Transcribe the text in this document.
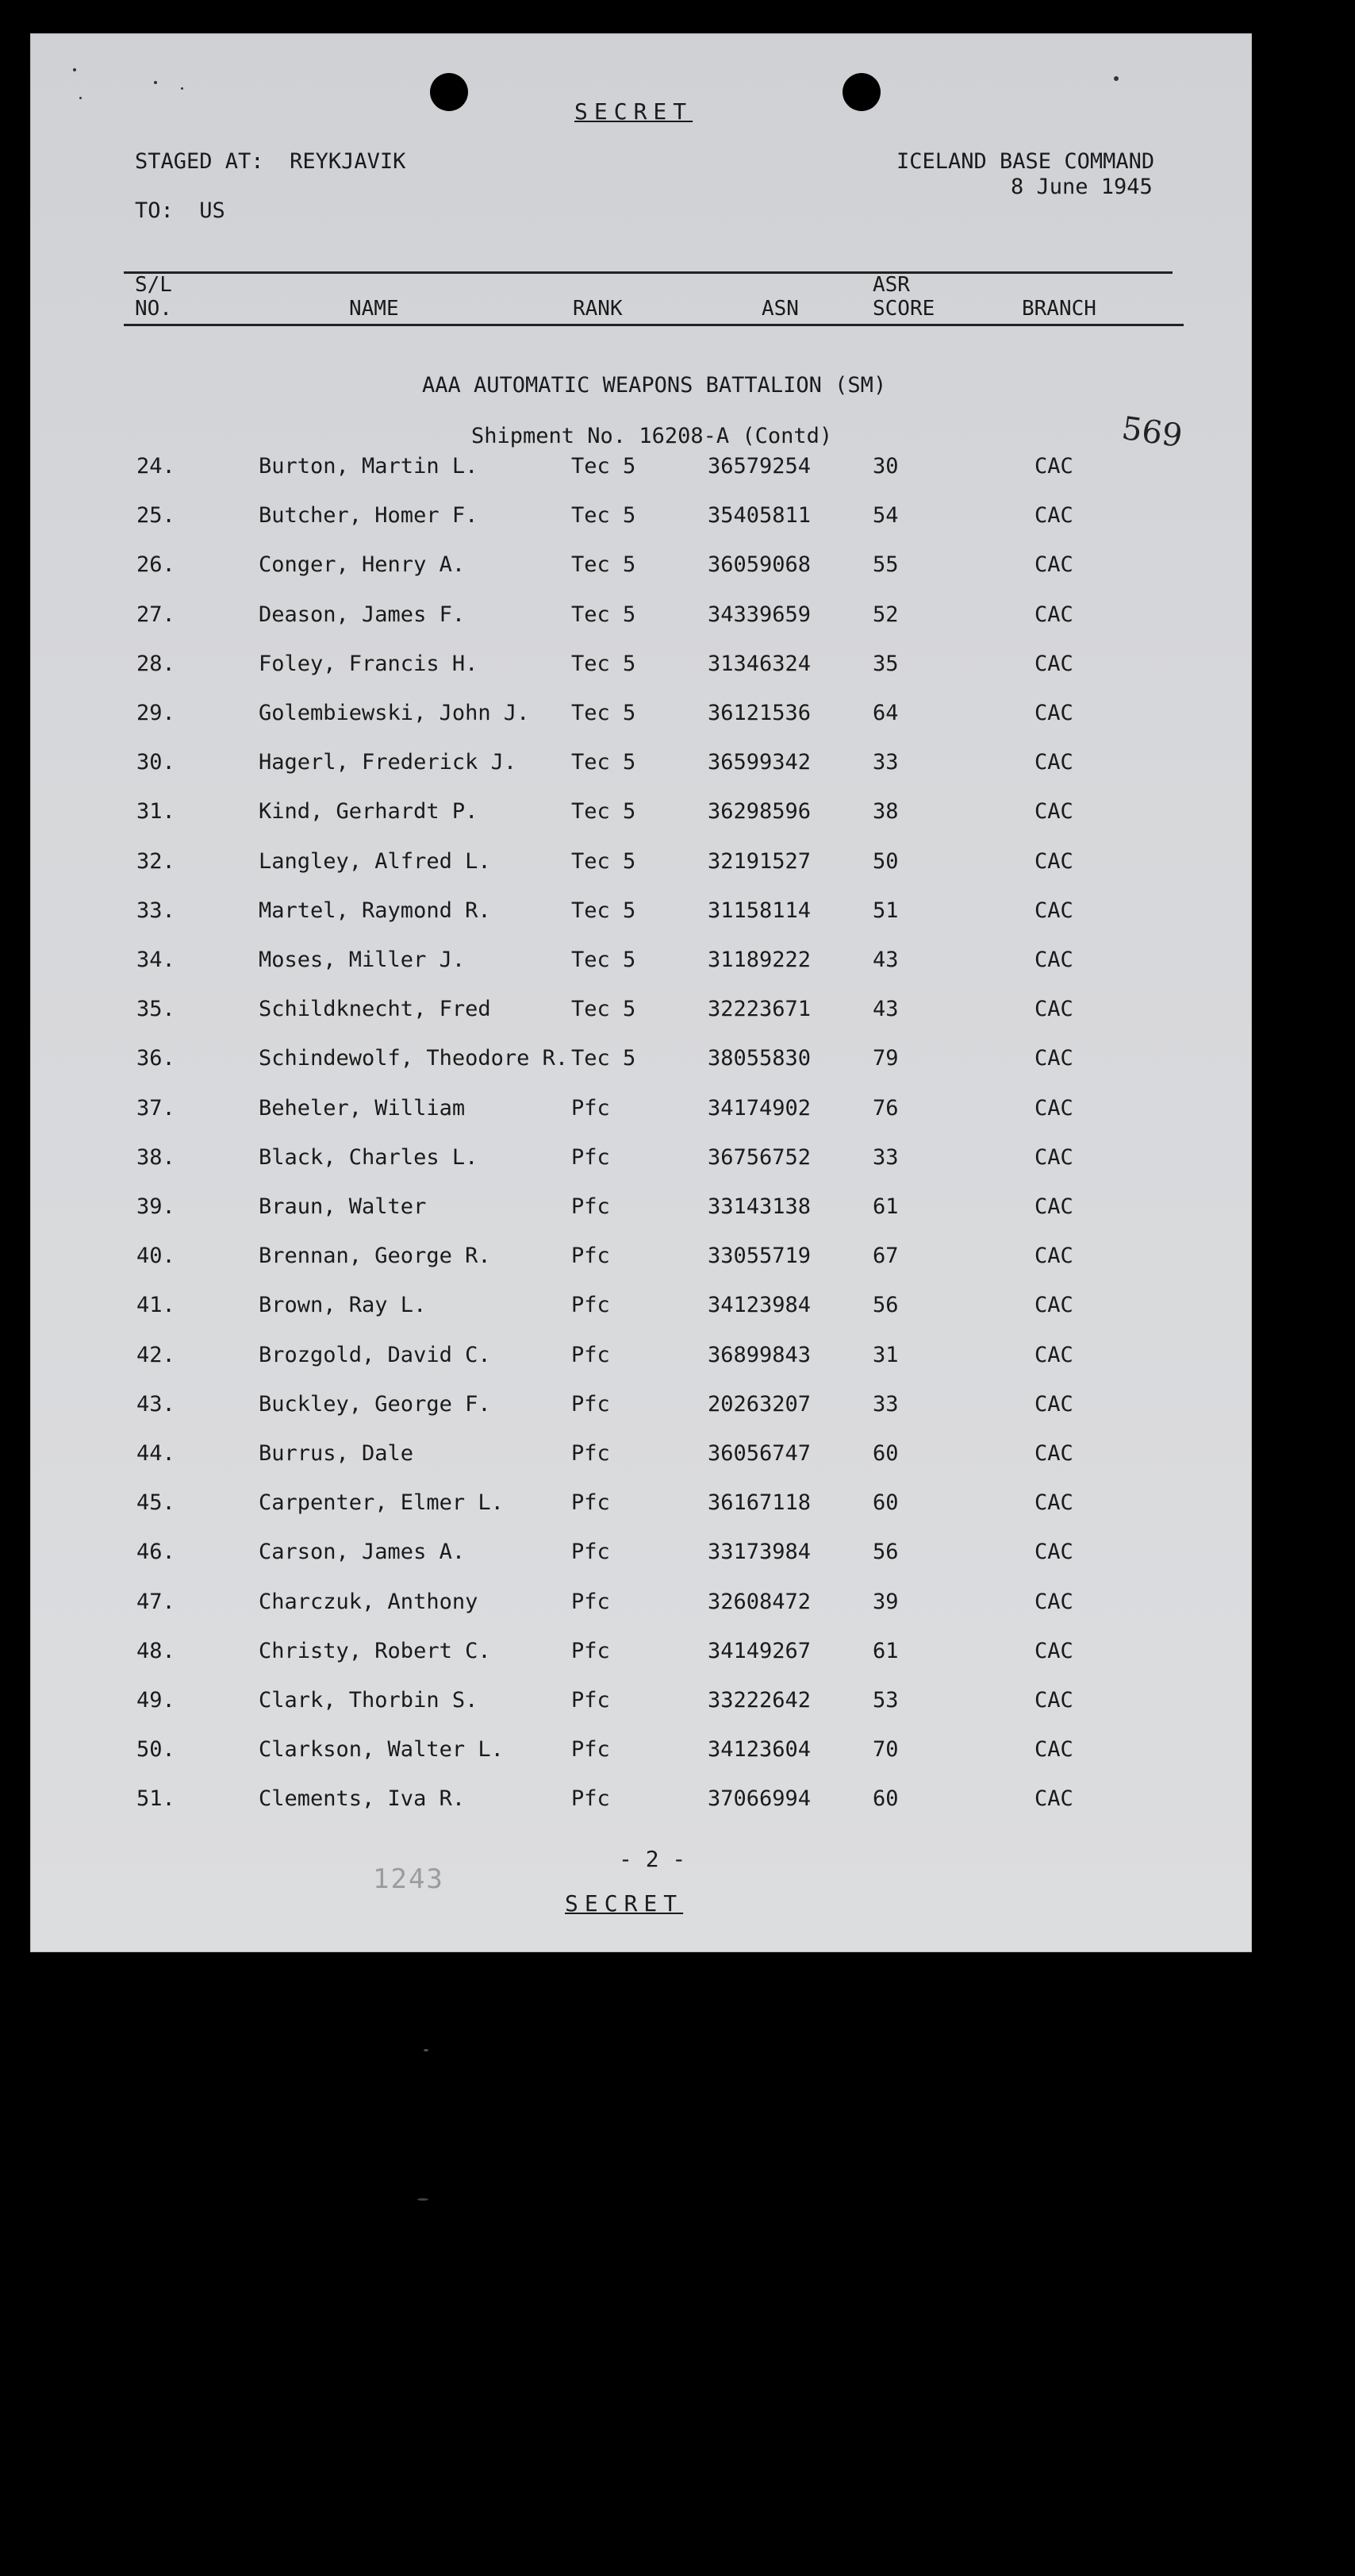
SECRET
STAGED AT: REYKJAVIK
TO: US
ICELAND BASE COMMAND
8 June 1945
S/L
NO.	NAME	RANK	ASN
ASR
SCORE	BRANCH
AAA AUTOMATIC WEAPONS BATTALION (SM)
Shipment No. 16208-A (Contd)	569
24.	Burton, Martin L.	Tec 5	36579254	30	CAC
25.	Butcher, Homer F.	Tec 5	35405811	54	CAC
26.	Conger, Henry A.	Tec 5	36059068	55	CAC
27.	Deason, James F.	Tec 5	34339659	52	CAC
28.	Foley, Francis H.	Tec 5	31346324	35	CAC
29.	Golembiewski, John J. Tec 5	36121536	64	CAC
30.	Hagerl, Frederick J.	Tec 5	36599342	33	CAC
31.	Kind, Gerhardt P.	Tec 5	36298596	38	CAC
32.	Langley, Alfred L.	Tec 5	32191527	50	CAC
33.	Martel, Raymond R.	Tec 5	31158114	51	CAC
34.	Moses, Miller J.	Tec 5	31189222	43	CAC
35.	Schildknecht, Fred	Tec 5	32223671	43	CAC
36.	Schindewolf, Theodore R. Tec 5	38055830	79	CAC
37.	Beheler, William	Pfc	34174902	76	CAC
38.	Black, Charles L.	Pfc	36756752	33	CAC
39.	Braun, Walter	Pfc	33143138	61	CAC
40.	Brennan, George R.	Pfc	33055719	67	CAC
41.	Brown, Ray L.	Pfc	34123984	56	CAC
42.	Brozgold, David C.	Pfc	36899843	31	CAC
43.	Buckley, George F.	Pfc	20263207	33	CAC
44.	Burrus, Dale	Pfc	36056747	60	CAC
45.	Carpenter, Elmer L.	Pfc	36167118	60	CAC
46.	Carson, James A.	Pfc	33173984	56	CAC
47.	Charczuk, Anthony	Pfc	32608472	39	CAC
48.	Christy, Robert C.	Pfc	34149267	61	CAC
49.	Clark, Thorbin S.	Pfc	33222642	53	CAC
50.	Clarkson, Walter L.	Pfc	34123604	70	CAC
51.	Clements, Iva R.	Pfc	37066994	60	CAC
- 2 -
1243
SECRET
